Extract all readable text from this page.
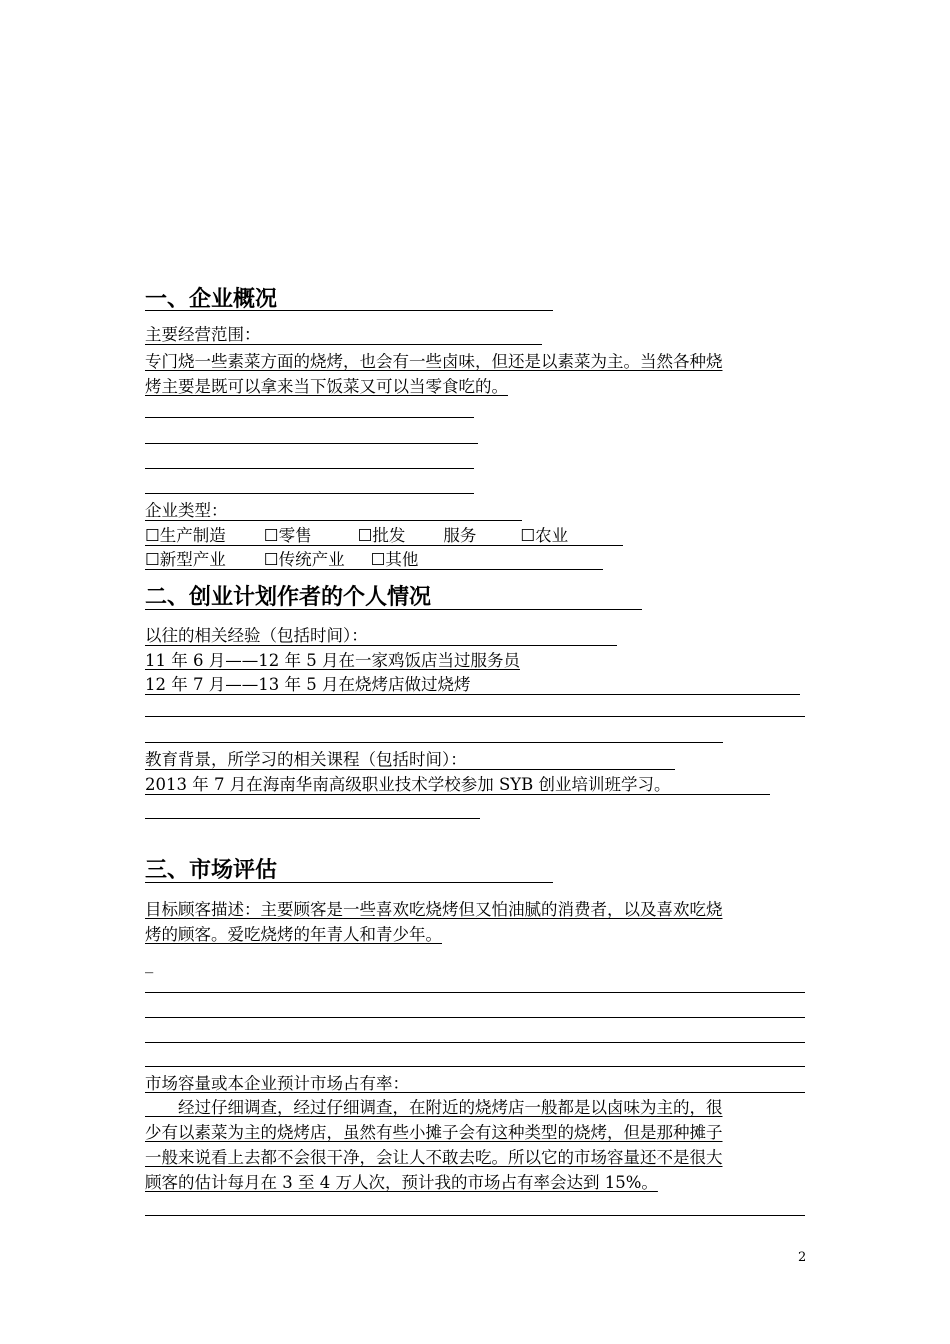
一、企业概况
主要经营范围：
专门烧一些素菜方面的烧烤，也会有一些卤味，但还是以素菜为主。当然各种烧
烤主要是既可以拿来当下饭菜又可以当零食吃的。
企业类型：
☐生产制造 ☐零售	☐批发 服务	☐农业
☐新型产业 ☐传统产业 ☐其他
二、创业计划作者的个人情况
以往的相关经验（包括时间）：
11 年 6 月——12 年 5 月在一家鸡饭店当过服务员
12 年 7 月——13 年 5 月在烧烤店做过烧烤
教育背景，所学习的相关课程（包括时间）：
2013 年 7 月在海南华南高级职业技术学校参加 SYB 创业培训班学习。
三、市场评估
目标顾客描述：主要顾客是一些喜欢吃烧烤但又怕油腻的消费者，以及喜欢吃烧
烤的顾客。爱吃烧烤的年青人和青少年。
_
市场容量或本企业预计市场占有率：
　　经过仔细调查，经过仔细调查，在附近的烧烤店一般都是以卤味为主的，很
少有以素菜为主的烧烤店，虽然有些小摊子会有这种类型的烧烤，但是那种摊子
一般来说看上去都不会很干净，会让人不敢去吃。所以它的市场容量还不是很大
顾客的估计每月在 3 至 4 万人次，预计我的市场占有率会达到 15%。
2
